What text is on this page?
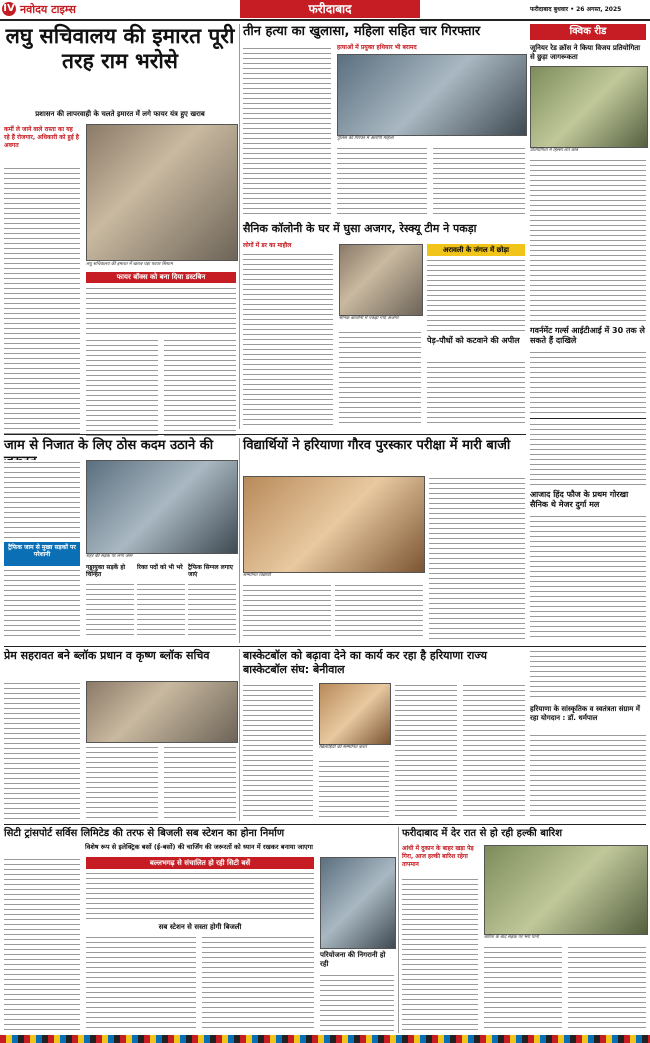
IV नवोदय टाइम्स	फरीदाबाद	फरीदाबाद बुधवार • 26 अगस्त, 2025
लघु सचिवालय की इमारत पूरी तरह राम भरोसे
प्रशासन की लापरवाही के चलते इमारत में लगे फायर यंत्र हुए खराब
कर्मी ले जाने वाले रास्ता का यह रहे हैं रोजगार, अधिकारी को हुई है अवगत
लघु सचिवालय की इमारत में खराब पड़ा फायर सिस्टम
फायर बॉक्स को बना दिया डस्टबिन
तीन हत्या का खुलासा, महिला सहित चार गिरफ्तार
हत्याओं में प्रयुक्त हथियार भी बरामद
पुलिस की गिरफ्त में आरोपी महिला
क्विक रीड
जूनियर रेड क्रॉस ने किया विजय प्रतियोगिता से छुड़ा जागरूकता
प्रतियोगिता में हिस्सा लेते छात्र
गवर्नमेंट गर्ल्स आईटीआई में 30 तक ले सकते हैं दाखिले
सैनिक कॉलोनी के घर में घुसा अजगर, रेस्क्यू टीम ने पकड़ा
लोगों में डर का माहौल
सैनिक कॉलोनी में पकड़ा गया अजगर
अरावली के जंगल में छोड़ा
पेड़-पौधों को कटवाने की अपील
जाम से निजात के लिए ठोस कदम उठाने की
ट्रैफिक जाम से मुख्य सड़कों पर परेशानी	शहर की सड़क पर लगा जाम
गड्ढायुक्त सड़कें हो चिन्हित
रिक्त पदों को भी भरे ट्रैफिक सिग्नल लगाए जाएं
विद्यार्थियों ने हरियाणा गौरव पुरस्कार परीक्षा में मारी बाजी
सम्मानित विद्यार्थी
आजाद हिंद फौज के प्रथम गोरखा सैनिक थे मेजर दुर्गा मल
प्रेम सहरावत बने ब्लॉक प्रधान व कृष्ण ब्लॉक सचिव	बास्केटबॉल को बढ़ावा देने का कार्य कर रहा है हरियाणा राज्य बास्केटबॉल संघ: बेनीवाल
खिलाड़ियों को सम्मानित करते
हरियाणा के सांस्कृतिक व स्वतंत्रता संग्राम में रहा योगदान : डॉ. धर्मपाल
सिटी ट्रांसपोर्ट सर्विस लिमिटेड की तरफ से बिजली सब स्टेशन का होना निर्माण
विशेष रूप से इलेक्ट्रिक बसों (ई-बसों) की चार्जिंग की जरूरतों को ध्यान में रखकर बनाया जाएगा
बल्लभगढ़ से संचालित हो रही सिटी बसें
सब स्टेशन से सस्ता होगी बिजली
परियोजना की निगरानी हो रही
फरीदाबाद में देर रात से हो रही हल्की बारिश
आंधी में दुकान के बाहर खड़ा पेड़ गिरा, आज हल्की बारिश रहेगा तापमान
बारिश के बाद सड़क पर भरा पानी
